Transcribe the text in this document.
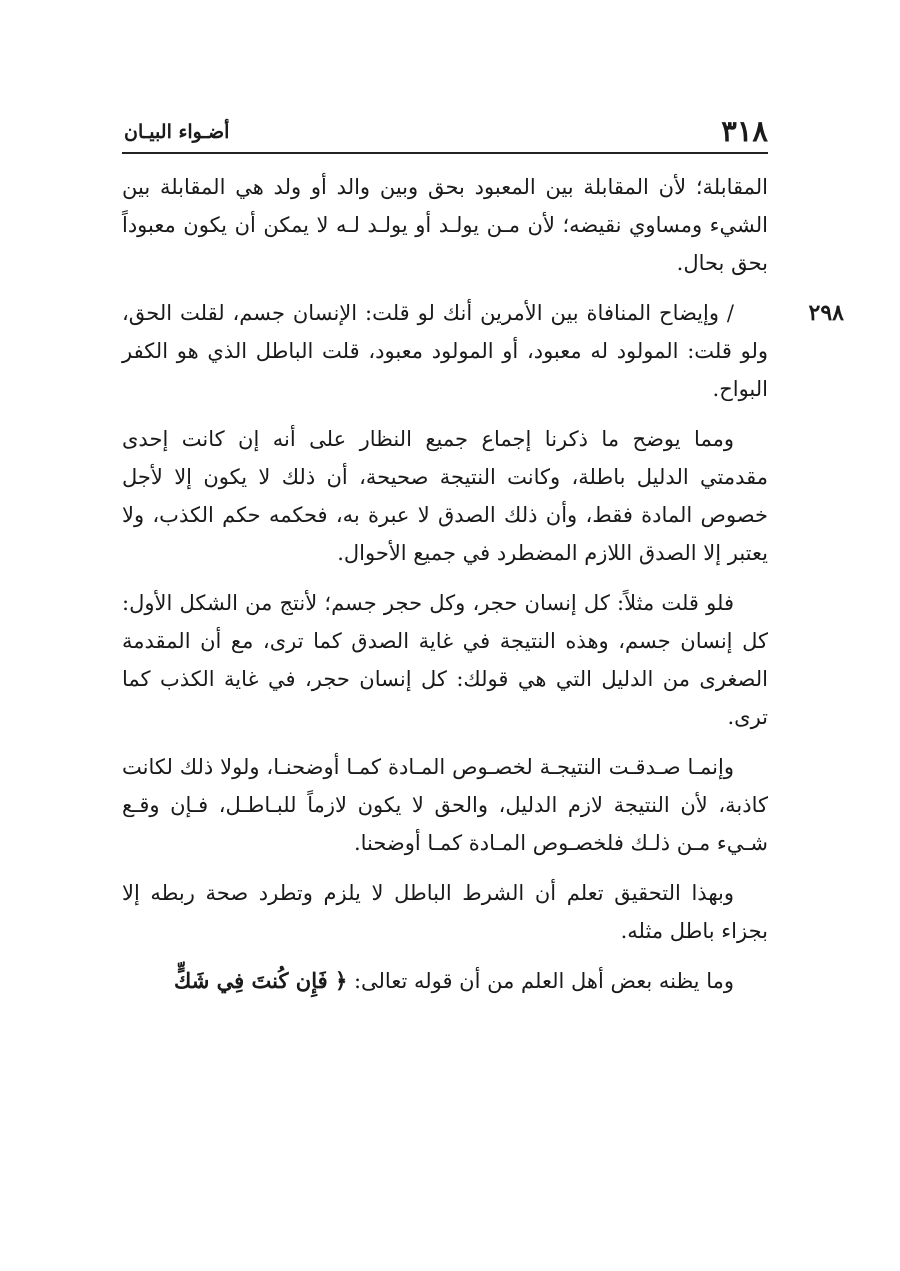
٣١٨
أضـواء البيـان

المقابلة؛ لأن المقابلة بين المعبود بحق وبين والد أو ولد هي المقابلة بين الشيء ومساوي نقيضه؛ لأن مـن يولـد أو يولـد لـه لا يمكن أن يكون معبوداً بحق بحال.

٢٩٨
/ وإيضاح المنافاة بين الأمرين أنك لو قلت: الإنسان جسم، لقلت الحق، ولو قلت: المولود له معبود، أو المولود معبود، قلت الباطل الذي هو الكفر البواح.

ومما يوضح ما ذكرنا إجماع جميع النظار على أنه إن كانت إحدى مقدمتي الدليل باطلة، وكانت النتيجة صحيحة، أن ذلك لا يكون إلا لأجل خصوص المادة فقط، وأن ذلك الصدق لا عبرة به، فحكمه حكم الكذب، ولا يعتبر إلا الصدق اللازم المضطرد في جميع الأحوال.

فلو قلت مثلاً: كل إنسان حجر، وكل حجر جسم؛ لأنتج من الشكل الأول: كل إنسان جسم، وهذه النتيجة في غاية الصدق كما ترى، مع أن المقدمة الصغرى من الدليل التي هي قولك: كل إنسان حجر، في غاية الكذب كما ترى.

وإنمـا صـدقـت النتيجـة لخصـوص المـادة كمـا أوضحنـا، ولولا ذلك لكانت كاذبة، لأن النتيجة لازم الدليل، والحق لا يكون لازماً للبـاطـل، فـإن وقـع شـيء مـن ذلـك فلخصـوص المـادة كمـا أوضحنا.

وبهذا التحقيق تعلم أن الشرط الباطل لا يلزم وتطرد صحة ربطه إلا بجزاء باطل مثله.

وما يظنه بعض أهل العلم من أن قوله تعالى: ﴿ فَإِن كُنتَ فِي شَكٍّ
